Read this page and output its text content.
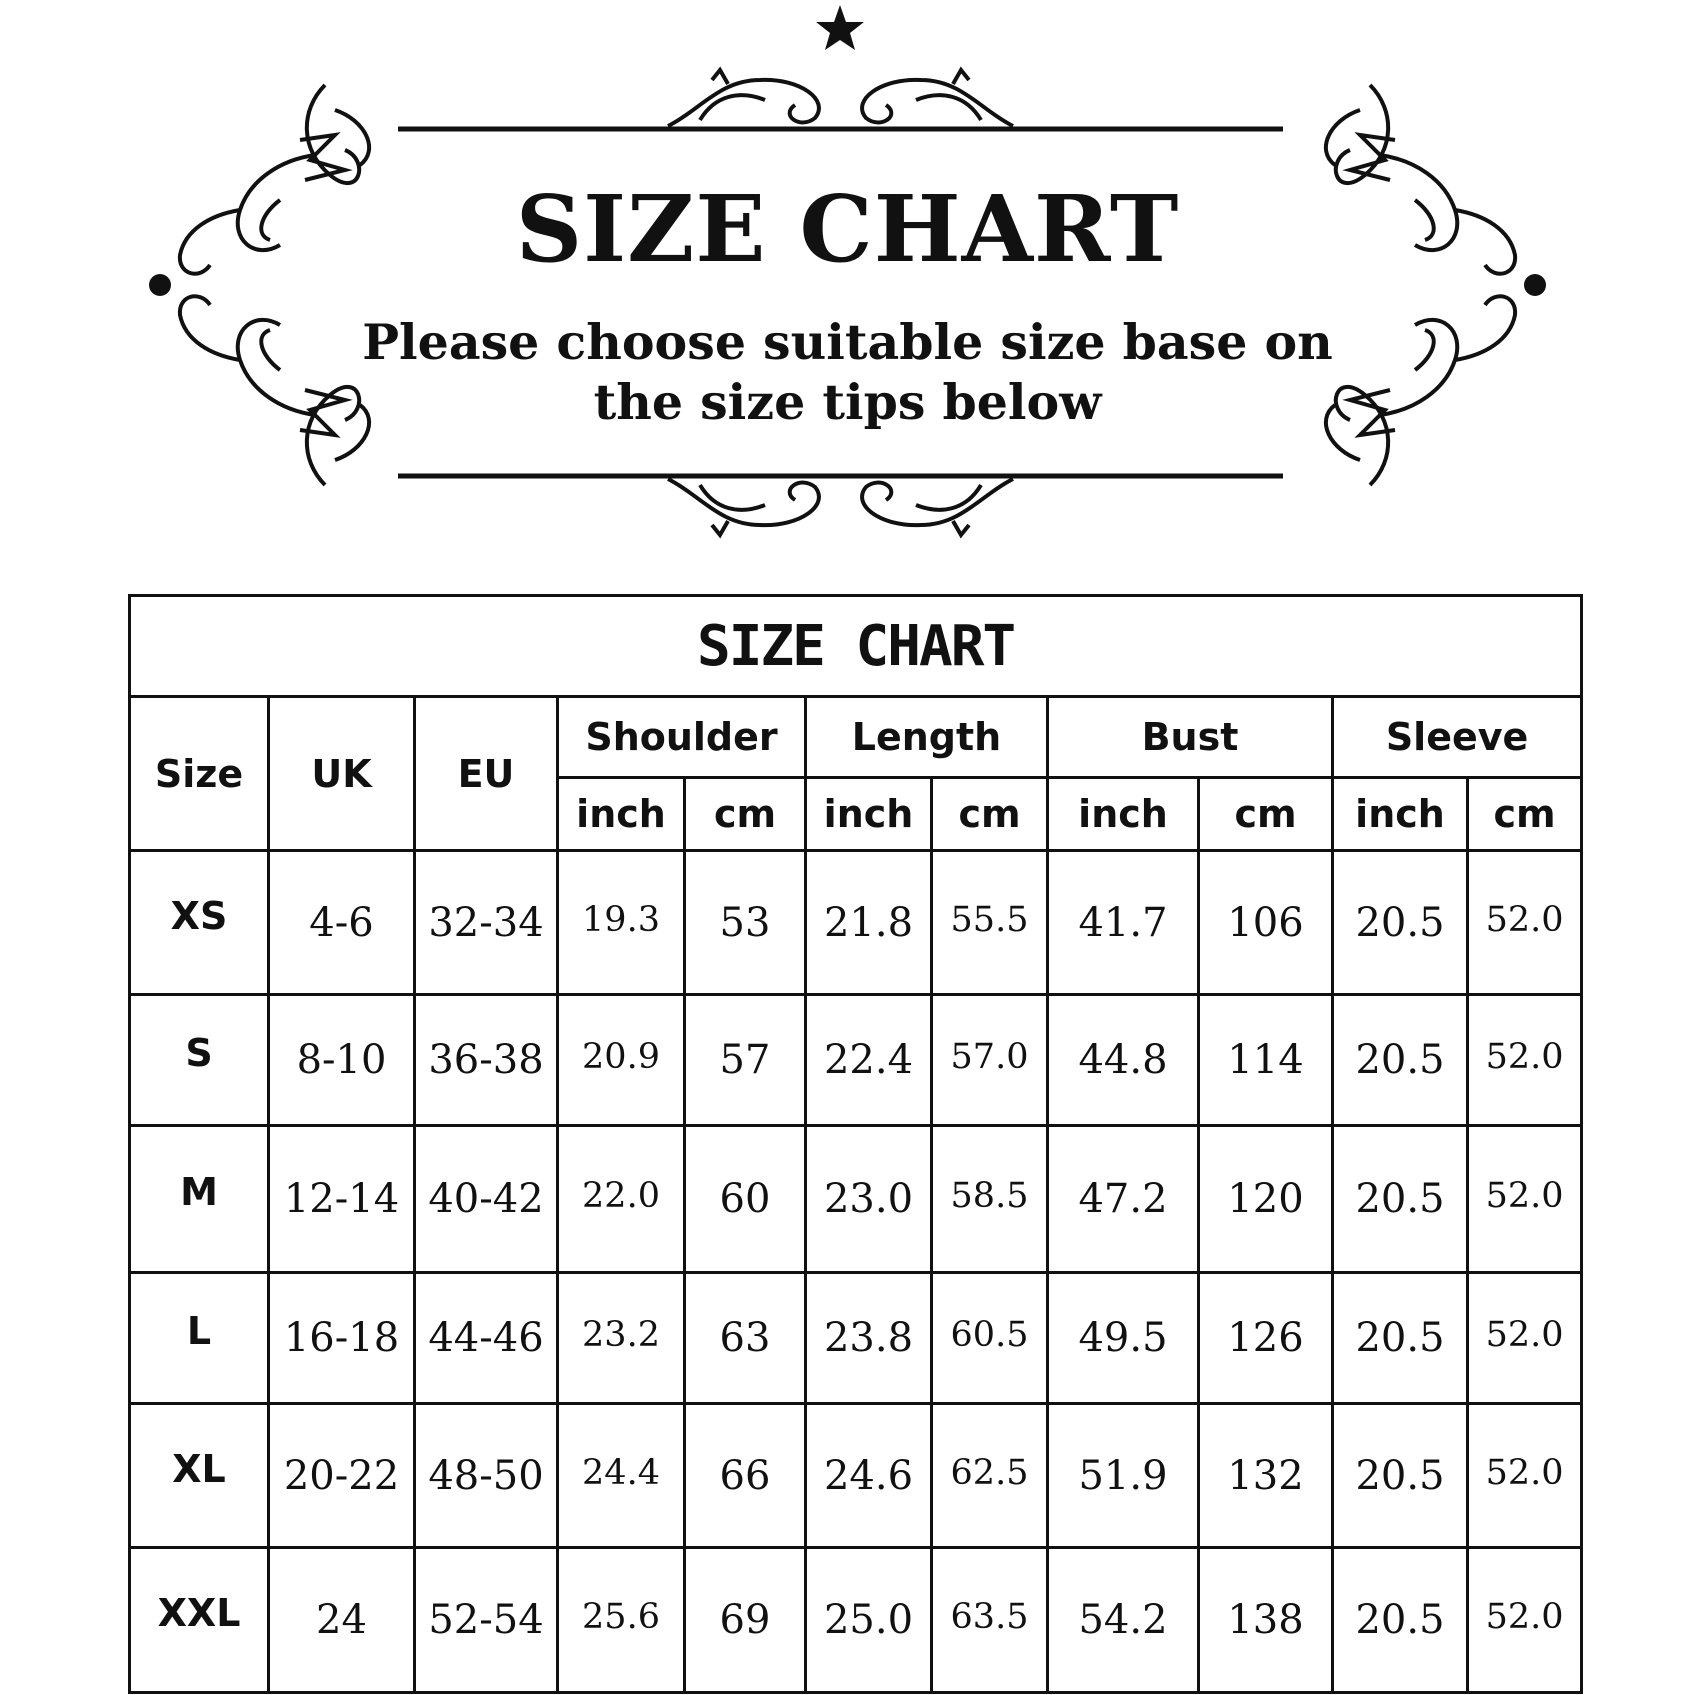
SIZE CHART
Please choose suitable size base on
the size tips below
SIZE CHART										
Size	UK	EU	Shoulder		Length		Bust		Sleeve	
			inch	cm	inch	cm	inch	cm	inch	cm
XS	4-6	32-34	19.3	53	21.8	55.5	41.7	106	20.5	52.0
S	8-10	36-38	20.9	57	22.4	57.0	44.8	114	20.5	52.0
M	12-14	40-42	22.0	60	23.0	58.5	47.2	120	20.5	52.0
L	16-18	44-46	23.2	63	23.8	60.5	49.5	126	20.5	52.0
XL	20-22	48-50	24.4	66	24.6	62.5	51.9	132	20.5	52.0
XXL	24	52-54	25.6	69	25.0	63.5	54.2	138	20.5	52.0
